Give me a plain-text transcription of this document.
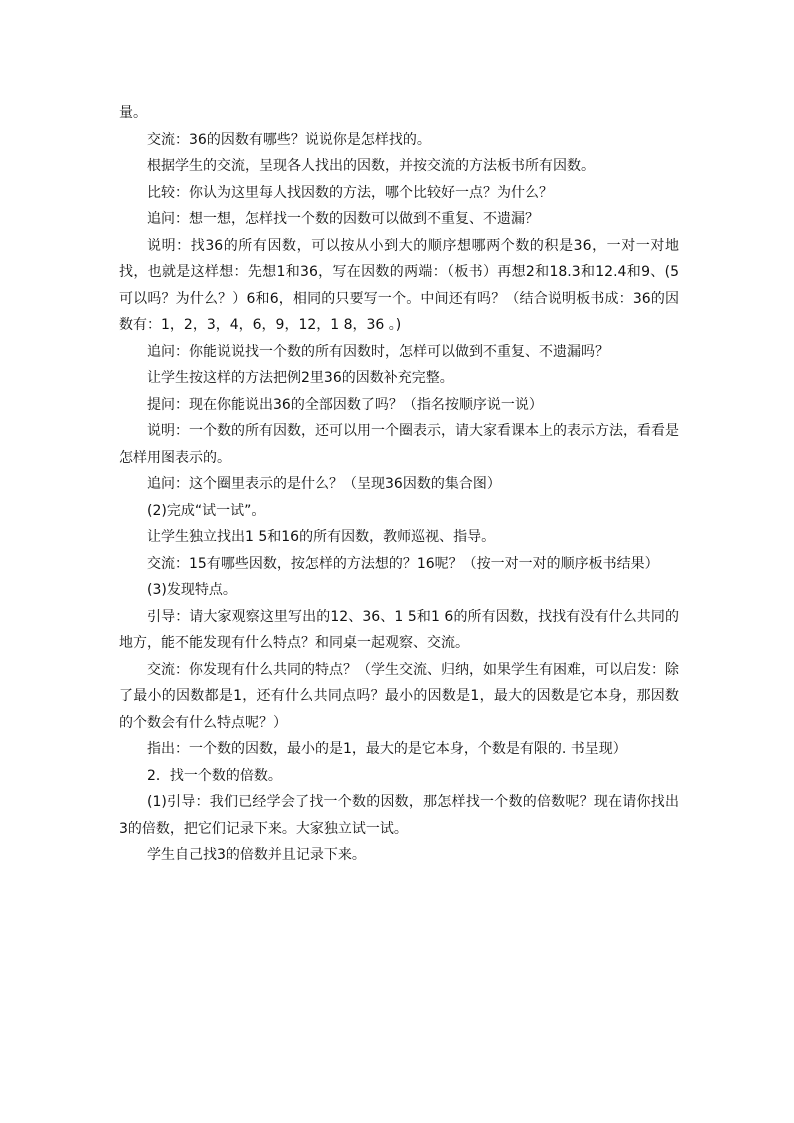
量。

交流：36的因数有哪些？说说你是怎样找的。

根据学生的交流，呈现各人找出的因数，并按交流的方法板书所有因数。

比较：你认为这里每人找因数的方法，哪个比较好一点？为什么？

追问：想一想，怎样找一个数的因数可以做到不重复、不遗漏？

说明：找36的所有因数，可以按从小到大的顺序想哪两个数的积是36，一对一对地找，也就是这样想：先想1和36，写在因数的两端：（板书）再想2和18.3和12.4和9、(5可以吗？为什么？）6和6，相同的只要写一个。中间还有吗？（结合说明板书成：36的因数有：1，2，3，4，6，9，12，1 8，36 。)

追问：你能说说找一个数的所有因数时，怎样可以做到不重复、不遗漏吗？

让学生按这样的方法把例2里36的因数补充完整。

提问：现在你能说出36的全部因数了吗？（指名按顺序说一说）

说明：一个数的所有因数，还可以用一个圈表示，请大家看课本上的表示方法，看看是怎样用图表示的。

追问：这个圈里表示的是什么？（呈现36因数的集合图）

(2)完成“试一试”。

让学生独立找出1 5和16的所有因数，教师巡视、指导。

交流：15有哪些因数，按怎样的方法想的？16呢？（按一对一对的顺序板书结果）

(3)发现特点。

引导：请大家观察这里写出的12、36、1 5和1 6的所有因数，找找有没有什么共同的地方，能不能发现有什么特点？和同桌一起观察、交流。

交流：你发现有什么共同的特点？（学生交流、归纳，如果学生有困难，可以启发：除了最小的因数都是1，还有什么共同点吗？最小的因数是1，最大的因数是它本身，那因数的个数会有什么特点呢？）

指出：一个数的因数，最小的是1，最大的是它本身，个数是有限的. 书呈现）

2．找一个数的倍数。

(1)引导：我们已经学会了找一个数的因数，那怎样找一个数的倍数呢？现在请你找出3的倍数，把它们记录下来。大家独立试一试。

学生自己找3的倍数并且记录下来。
